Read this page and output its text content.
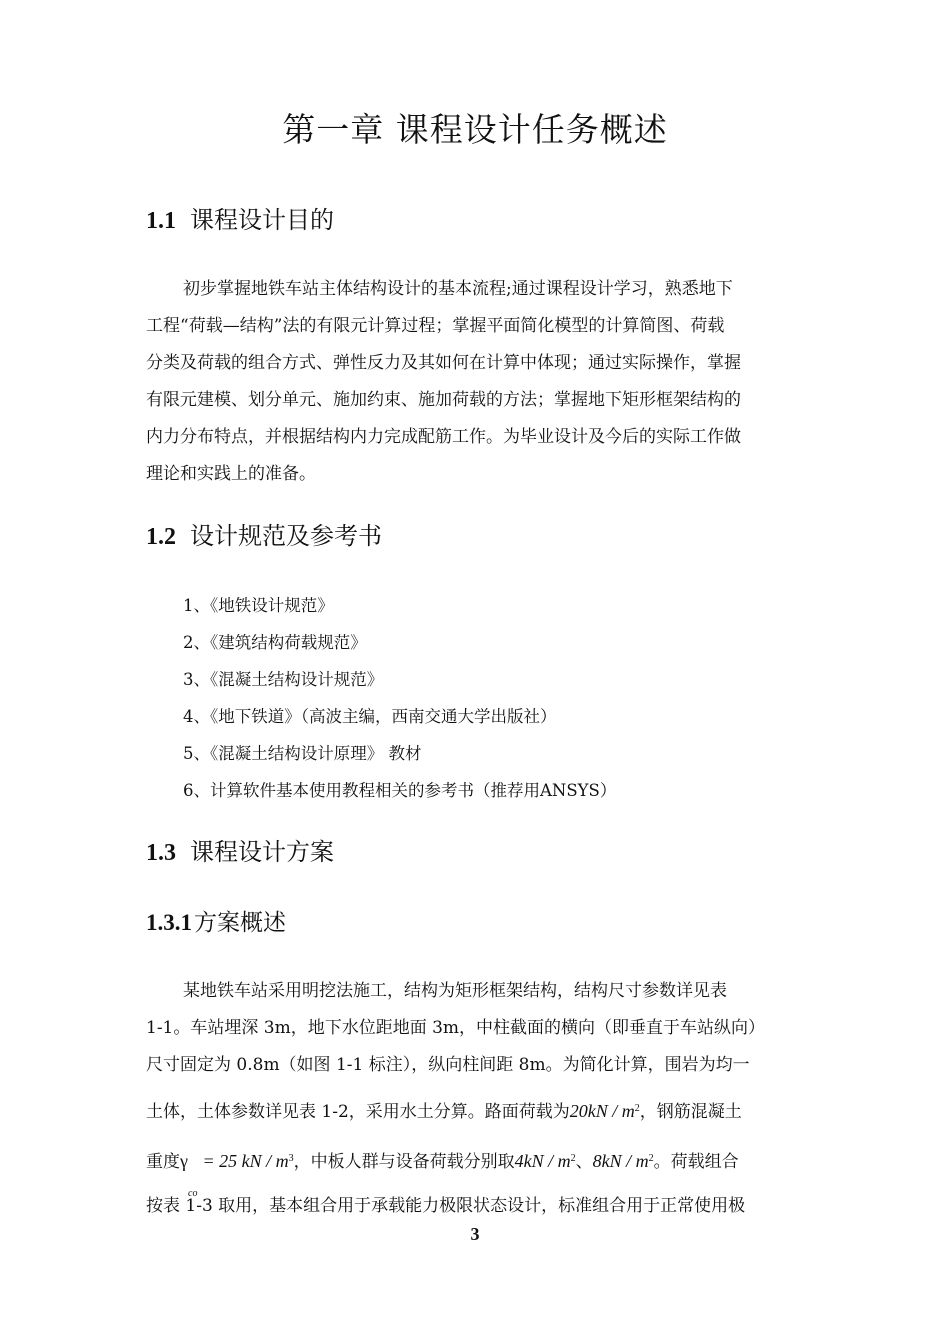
第一章 课程设计任务概述
1.1 课程设计目的
初步掌握地铁车站主体结构设计的基本流程;通过课程设计学习，熟悉地下
工程“荷载—结构”法的有限元计算过程；掌握平面简化模型的计算简图、荷载
分类及荷载的组合方式、弹性反力及其如何在计算中体现；通过实际操作，掌握
有限元建模、划分单元、施加约束、施加荷载的方法；掌握地下矩形框架结构的
内力分布特点，并根据结构内力完成配筋工作。为毕业设计及今后的实际工作做
理论和实践上的准备。
1.2 设计规范及参考书
1、《地铁设计规范》
2、《建筑结构荷载规范》
3、《混凝土结构设计规范》
4、《地下铁道》（高波主编，西南交通大学出版社）
5、《混凝土结构设计原理》 教材
6、计算软件基本使用教程相关的参考书（推荐用ANSYS）
1.3 课程设计方案
1.3.1方案概述
某地铁车站采用明挖法施工，结构为矩形框架结构，结构尺寸参数详见表
1-1。车站埋深 3m，地下水位距地面 3m，中柱截面的横向（即垂直于车站纵向）
尺寸固定为 0.8m（如图 1-1 标注），纵向柱间距 8m。为简化计算，围岩为均一
土体，土体参数详见表 1-2，采用水土分算。路面荷载为$20kN / m^2$，钢筋混凝土
重度γ
co
= 25 kN / $m^3$，中板人群与设备荷载分别取$4kN / m^2$、$8kN / m^2$。荷载组合
按表 1-3 取用，基本组合用于承载能力极限状态设计，标准组合用于正常使用极
3
